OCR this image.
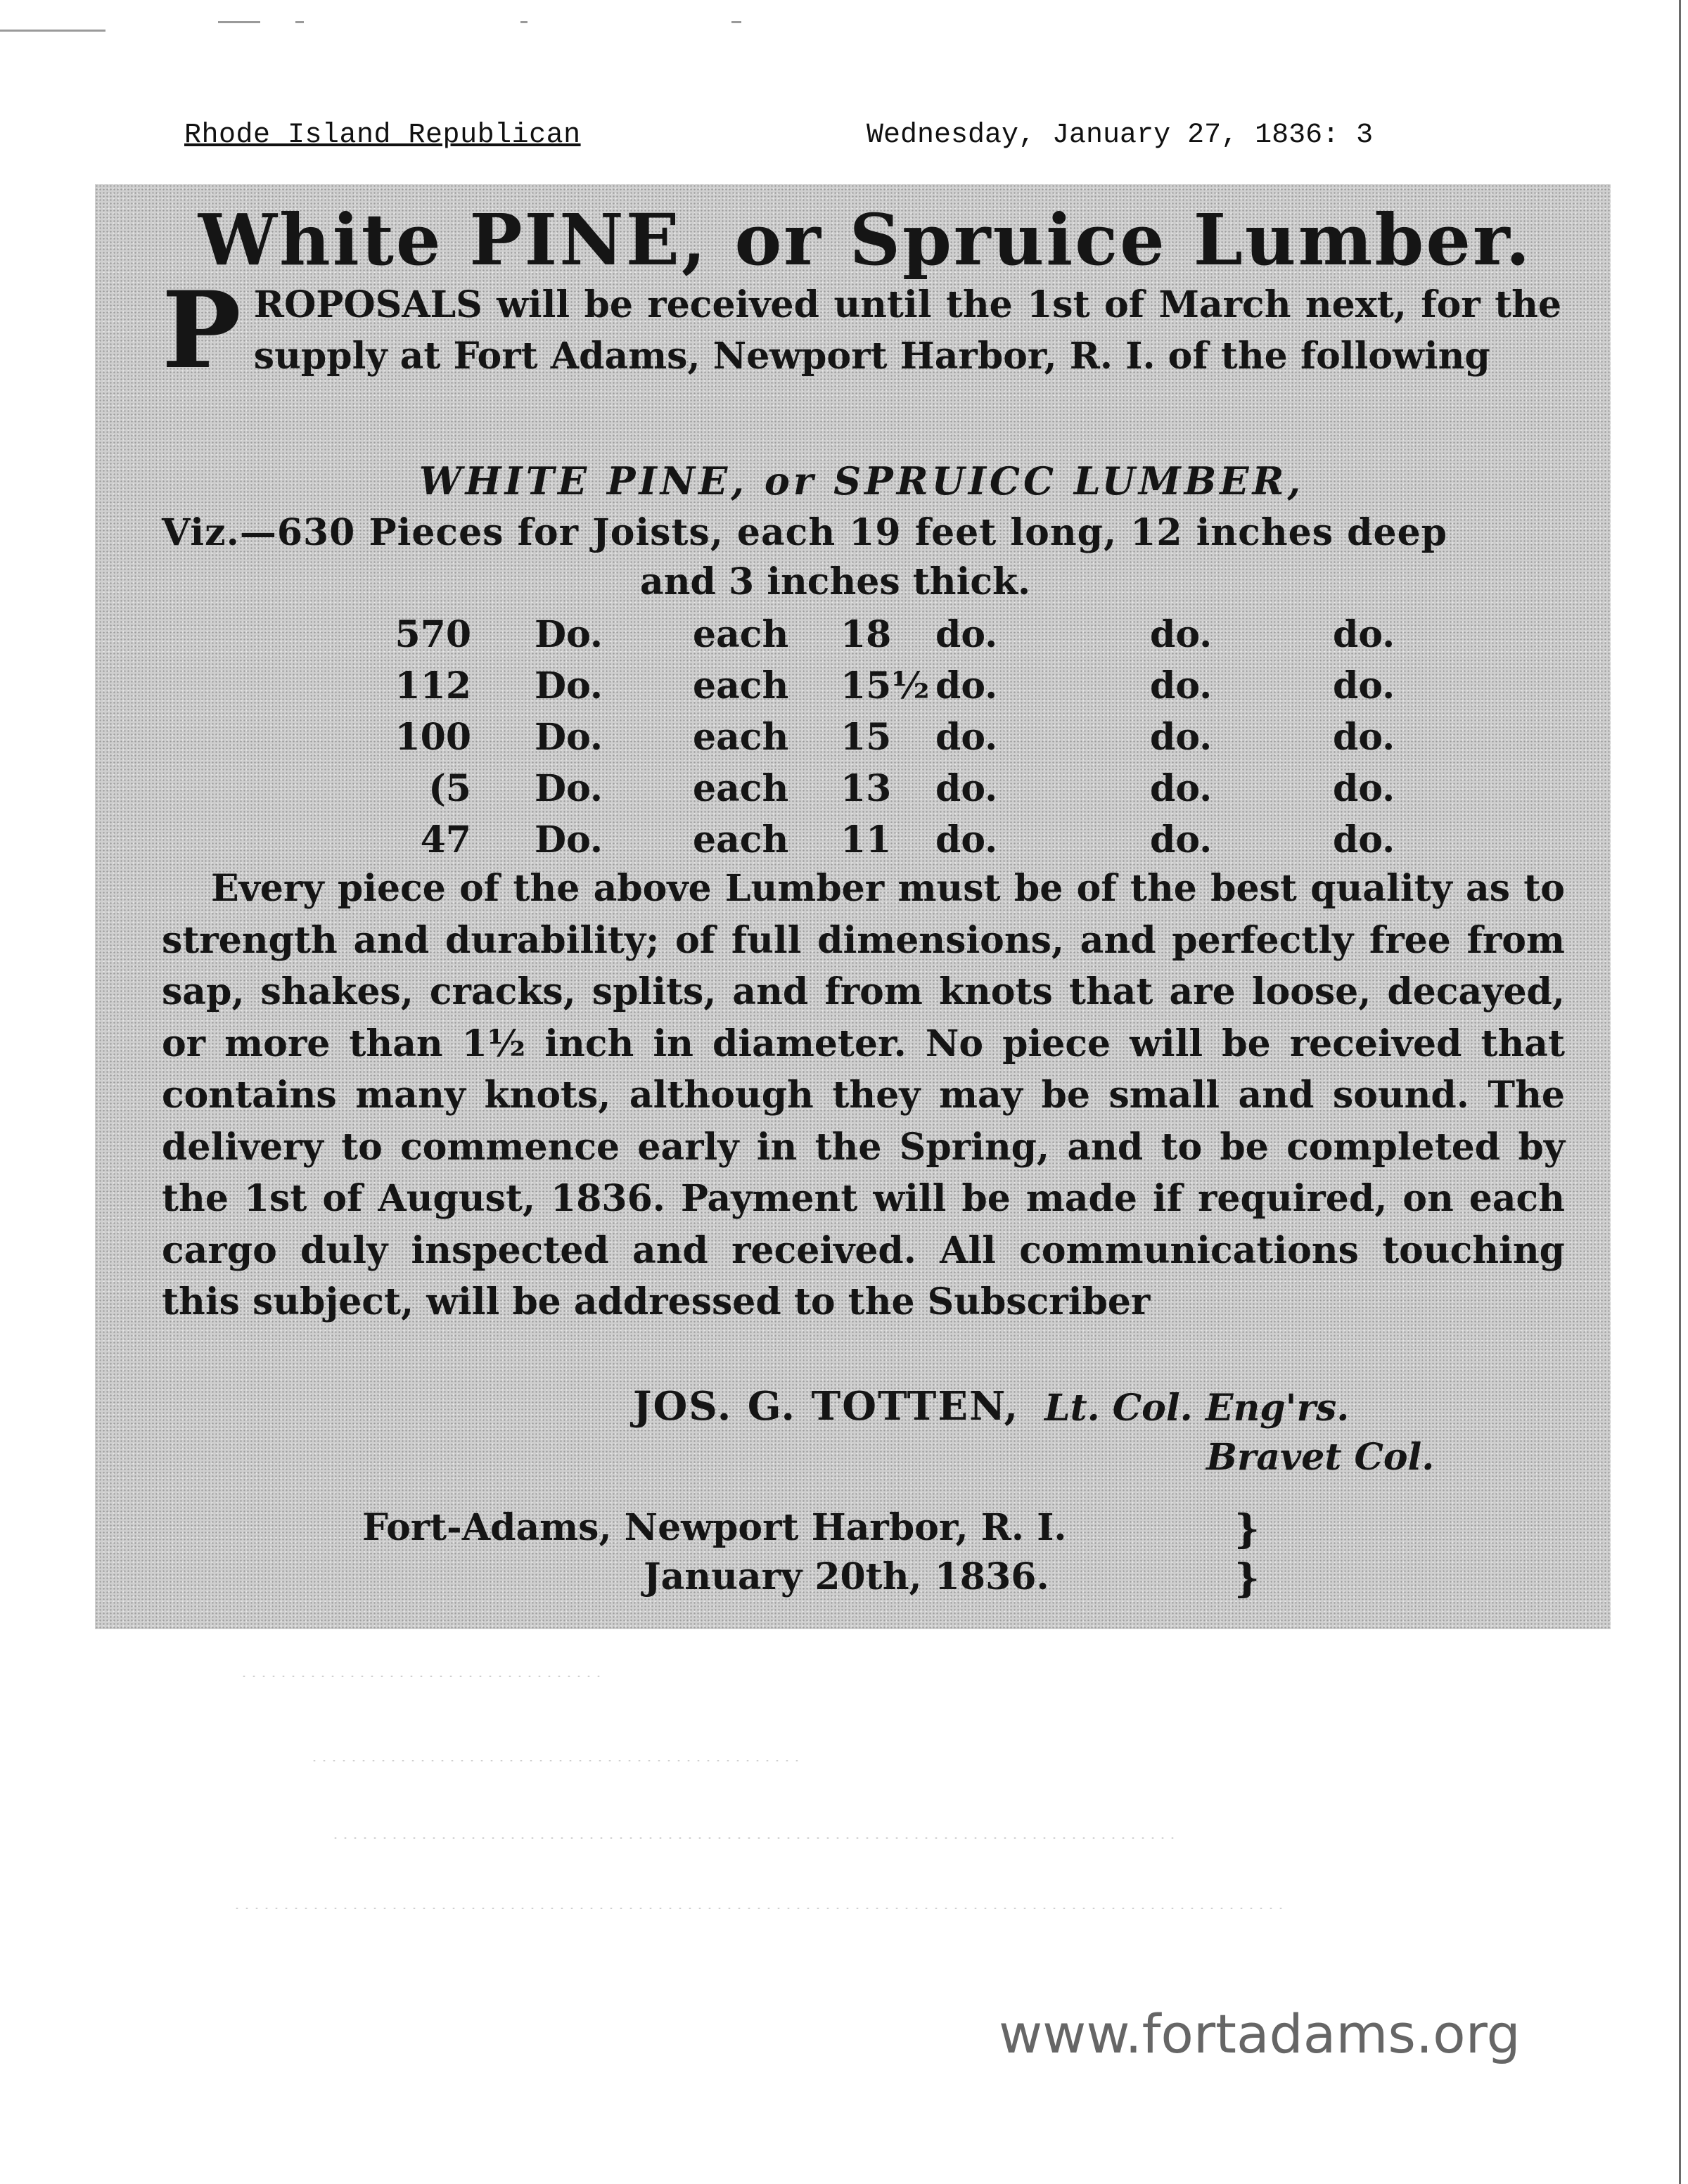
Rhode Island Republican	Wednesday, January 27, 1836: 3
White PINE, or Spruice Lumber.
P ROPOSALS will be received until the 1st of March next, for the supply at Fort Adams, Newport Harbor, R. I. of the following

WHITE PINE, or SPRUICC LUMBER,
Viz.—630 Pieces for Joists, each 19 feet long, 12 inches deep
and 3 inches thick.
570 Do. each 18 do.	do.	do.
112 Do. each 15½ do.	do.	do.
100 Do. each 15 do.	do.	do.
(5 Do. each 13 do.	do.	do.
47 Do. each 11 do.	do.	do.

Every piece of the above Lumber must be of the best quality as to strength and durability; of full dimensions, and perfectly free from sap, shakes, cracks, splits, and from knots that are loose, decayed, or more than 1½ inch in diameter. No piece will be received that contains many knots, although they may be small and sound. The delivery to commence early in the Spring, and to be completed by the 1st of August, 1836. Payment will be made if required, on each cargo duly inspected and received. All communications touching this subject, will be addressed to the Subscriber

JOS. G. TOTTEN, Lt. Col. Eng'rs.
Bravet Col.
Fort-Adams, Newport Harbor, R. I.
January 20th, 1836.
}
}
www.fortadams.org
